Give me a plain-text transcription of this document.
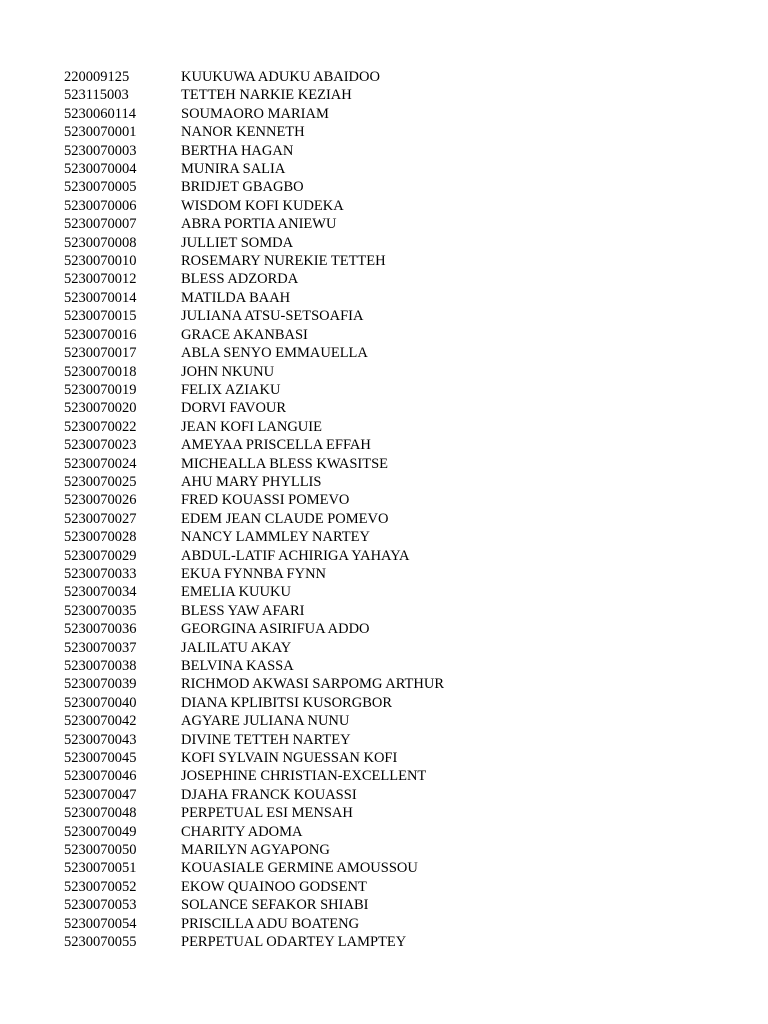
220009125	KUUKUWA ADUKU ABAIDOO
523115003	TETTEH NARKIE KEZIAH
5230060114	SOUMAORO MARIAM
5230070001	NANOR KENNETH
5230070003	BERTHA HAGAN
5230070004	MUNIRA SALIA
5230070005	BRIDJET GBAGBO
5230070006	WISDOM KOFI KUDEKA
5230070007	ABRA PORTIA ANIEWU
5230070008	JULLIET SOMDA
5230070010	ROSEMARY NUREKIE TETTEH
5230070012	BLESS ADZORDA
5230070014	MATILDA BAAH
5230070015	JULIANA ATSU-SETSOAFIA
5230070016	GRACE AKANBASI
5230070017	ABLA SENYO EMMAUELLA
5230070018	JOHN NKUNU
5230070019	FELIX AZIAKU
5230070020	DORVI FAVOUR
5230070022	JEAN KOFI LANGUIE
5230070023	AMEYAA PRISCELLA EFFAH
5230070024	MICHEALLA BLESS KWASITSE
5230070025	AHU MARY PHYLLIS
5230070026	FRED KOUASSI POMEVO
5230070027	EDEM JEAN CLAUDE POMEVO
5230070028	NANCY LAMMLEY NARTEY
5230070029	ABDUL-LATIF ACHIRIGA YAHAYA
5230070033	EKUA FYNNBA FYNN
5230070034	EMELIA KUUKU
5230070035	BLESS YAW AFARI
5230070036	GEORGINA ASIRIFUA ADDO
5230070037	JALILATU AKAY
5230070038	BELVINA KASSA
5230070039	RICHMOD AKWASI SARPOMG ARTHUR
5230070040	DIANA KPLIBITSI KUSORGBOR
5230070042	AGYARE JULIANA NUNU
5230070043	DIVINE TETTEH NARTEY
5230070045	KOFI SYLVAIN NGUESSAN KOFI
5230070046	JOSEPHINE CHRISTIAN-EXCELLENT
5230070047	DJAHA FRANCK KOUASSI
5230070048	PERPETUAL ESI MENSAH
5230070049	CHARITY ADOMA
5230070050	MARILYN AGYAPONG
5230070051	KOUASIALE GERMINE AMOUSSOU
5230070052	EKOW QUAINOO GODSENT
5230070053	SOLANCE SEFAKOR SHIABI
5230070054	PRISCILLA ADU BOATENG
5230070055	PERPETUAL ODARTEY LAMPTEY
